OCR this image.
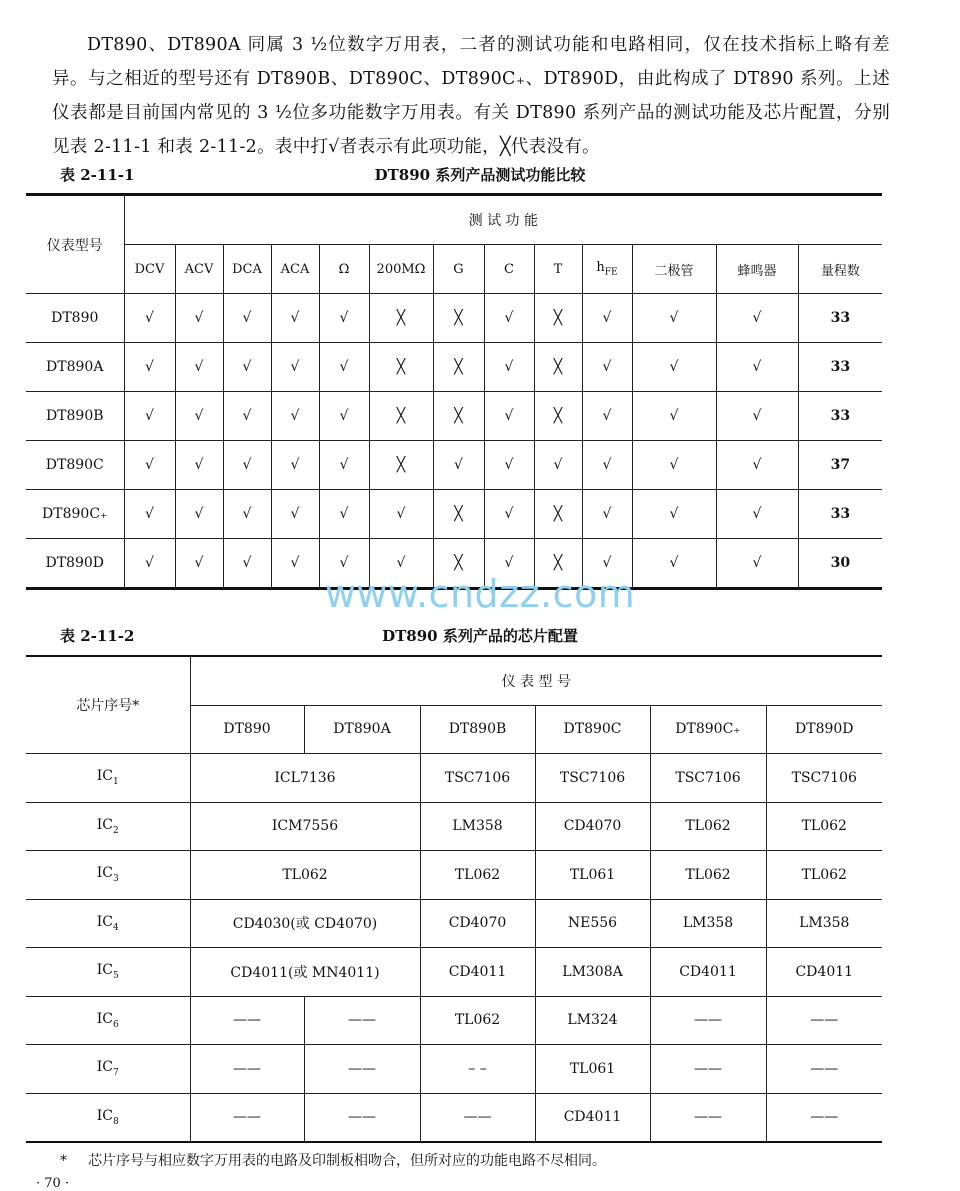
DT890、DT890A 同属 3 ½位数字万用表，二者的测试功能和电路相同，仅在技术指标上略有差异。与之相近的型号还有 DT890B、DT890C、DT890C₊、DT890D，由此构成了 DT890 系列。上述仪表都是目前国内常见的 3 ½位多功能数字万用表。有关 DT890 系列产品的测试功能及芯片配置，分别见表 2-11-1 和表 2-11-2。表中打√者表示有此项功能，╳代表没有。
表 2-11-1	DT890 系列产品测试功能比较
仪表型号	测 试 功 能												
	DCV	ACV	DCA	ACA	Ω	200MΩ	G	C	T	$h_{FE}$	二极管	蜂鸣器	量程数
DT890	√	√	√	√	√	╳	╳	√	╳	√	√	√	33
DT890A	√	√	√	√	√	╳	╳	√	╳	√	√	√	33
DT890B	√	√	√	√	√	╳	╳	√	╳	√	√	√	33
DT890C	√	√	√	√	√	╳	√	√	√	√	√	√	37
DT890C₊	√	√	√	√	√	√	╳	√	╳	√	√	√	33
DT890D	√	√	√	√	√	√	╳	√	╳	√	√	√	30
www.cndzz.com
表 2-11-2	DT890 系列产品的芯片配置
芯片序号*	仪 表 型 号					
	DT890	DT890A	DT890B	DT890C	DT890C₊	DT890D
$IC_1$	ICL7136		TSC7106	TSC7106	TSC7106	TSC7106
$IC_2$	ICM7556		LM358	CD4070	TL062	TL062
$IC_3$	TL062		TL062	TL061	TL062	TL062
$IC_4$	CD4030(或 CD4070)		CD4070	NE556	LM358	LM358
$IC_5$	CD4011(或 MN4011)		CD4011	LM308A	CD4011	CD4011
$IC_6$	——	——	TL062	LM324	——	——
$IC_7$	——	——	– –	TL061	——	——
$IC_8$	——	——	——	CD4011	——	——
* 芯片序号与相应数字万用表的电路及印制板相吻合，但所对应的功能电路不尽相同。
· 70 ·
